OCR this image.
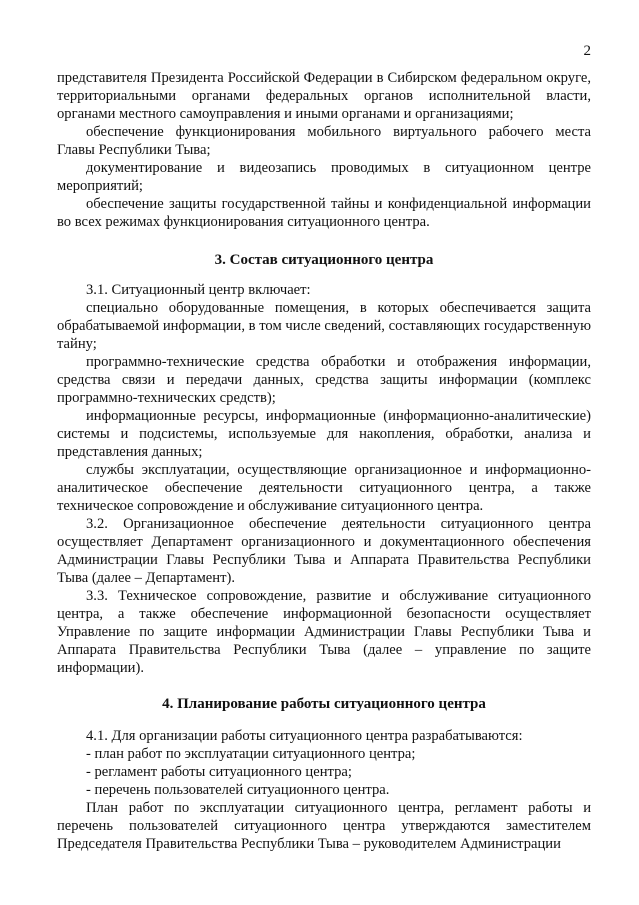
2

представителя Президента Российской Федерации в Сибирском федеральном округе, территориальными органами федеральных органов исполнительной власти, органами местного самоуправления и иными органами и организациями;

обеспечение функционирования мобильного виртуального рабочего места Главы Республики Тыва;

документирование и видеозапись проводимых в ситуационном центре мероприятий;

обеспечение защиты государственной тайны и конфиденциальной информации во всех режимах функционирования ситуационного центра.

3. Состав ситуационного центра

3.1. Ситуационный центр включает:

специально оборудованные помещения, в которых обеспечивается защита обрабатываемой информации, в том числе сведений, составляющих государственную тайну;

программно-технические средства обработки и отображения информации, средства связи и передачи данных, средства защиты информации (комплекс программно-технических средств);

информационные ресурсы, информационные (информационно-аналитические) системы и подсистемы, используемые для накопления, обработки, анализа и представления данных;

службы эксплуатации, осуществляющие организационное и информационно-аналитическое обеспечение деятельности ситуационного центра, а также техническое сопровождение и обслуживание ситуационного центра.

3.2. Организационное обеспечение деятельности ситуационного центра осуществляет Департамент организационного и документационного обеспечения Администрации Главы Республики Тыва и Аппарата Правительства Республики Тыва (далее – Департамент).

3.3. Техническое сопровождение, развитие и обслуживание ситуационного центра, а также обеспечение информационной безопасности осуществляет Управление по защите информации Администрации Главы Республики Тыва и Аппарата Правительства Республики Тыва (далее – управление по защите информации).

4. Планирование работы ситуационного центра

4.1. Для организации работы ситуационного центра разрабатываются:

- план работ по эксплуатации ситуационного центра;

- регламент работы ситуационного центра;

- перечень пользователей ситуационного центра.

План работ по эксплуатации ситуационного центра, регламент работы и перечень пользователей ситуационного центра утверждаются заместителем Председателя Правительства Республики Тыва – руководителем Администрации
